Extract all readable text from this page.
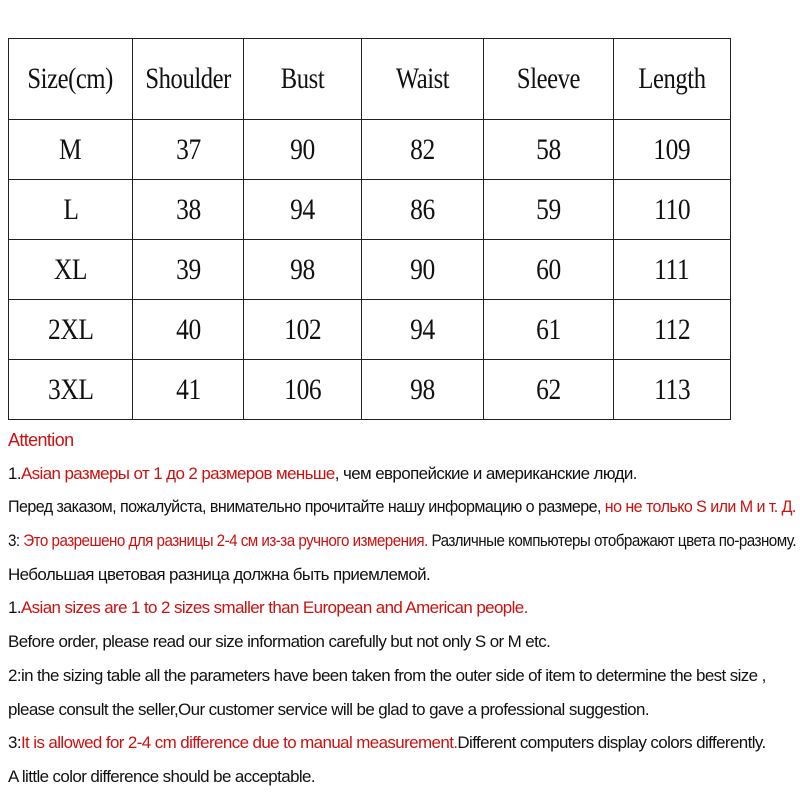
Size(cm)	Shoulder	Bust	Waist	Sleeve	Length
M	37	90	82	58	109
L	38	94	86	59	110
XL	39	98	90	60	111
2XL	40	102	94	61	112
3XL	41	106	98	62	113
Attention
1.Asian размеры от 1 до 2 размеров меньше, чем европейские и американские люди.
Перед заказом, пожалуйста, внимательно прочитайте нашу информацию о размере, но не только S или M и т. Д.
3: Это разрешено для разницы 2-4 см из-за ручного измерения. Различные компьютеры отображают цвета по-разному.
Небольшая цветовая разница должна быть приемлемой.
1.Asian sizes are 1 to 2 sizes smaller than European and American people.
Before order, please read our size information carefully but not only S or M etc.
2:in the sizing table all the parameters have been taken from the outer side of item to determine the best size ,
please consult the seller,Our customer service will be glad to gave a professional suggestion.
3:It is allowed for 2-4 cm difference due to manual measurement.Different computers display colors differently.
A little color difference should be acceptable.
